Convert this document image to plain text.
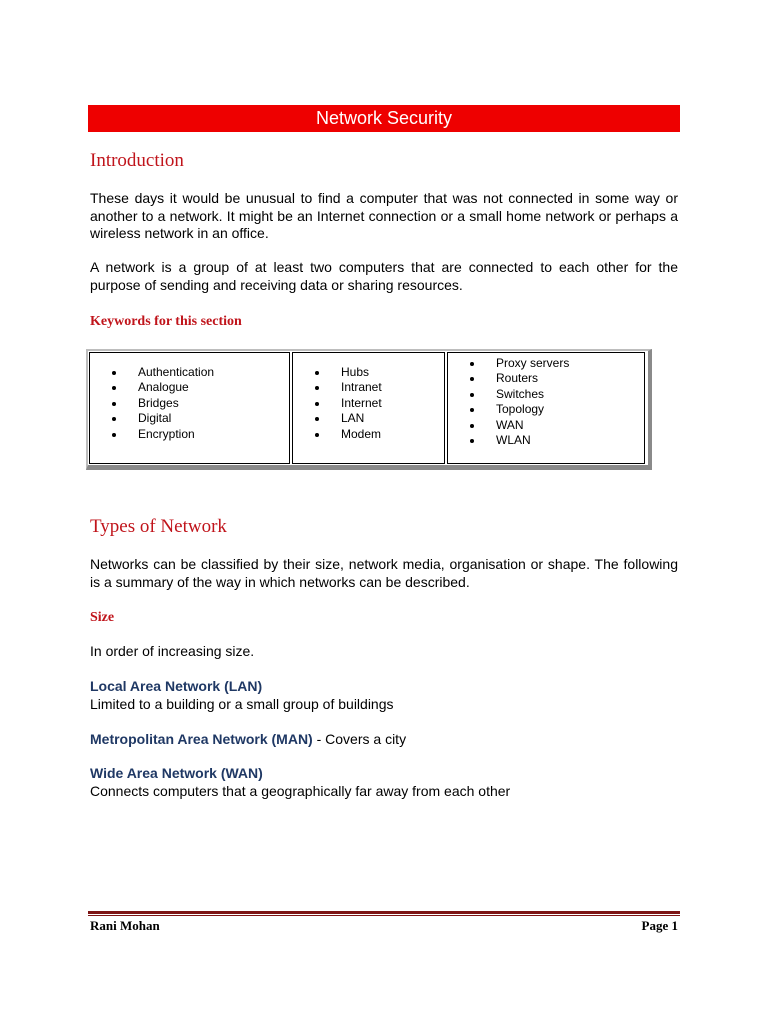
Network Security
Introduction

These days it would be unusual to find a computer that was not connected in some way or another to a network. It might be an Internet connection or a small home network or perhaps a wireless network in an office.

A network is a group of at least two computers that are connected to each other for the purpose of sending and receiving data or sharing resources.

Keywords for this section
Authentication
Analogue
Bridges
Digital
Encryption
Hubs
Intranet
Internet
LAN
Modem
Proxy servers
Routers
Switches
Topology
WAN
WLAN
Types of Network

Networks can be classified by their size, network media, organisation or shape. The following is a summary of the way in which networks can be described.

Size

In order of increasing size.

Local Area Network (LAN)
Limited to a building or a small group of buildings
Metropolitan Area Network (MAN) - Covers a city
Wide Area Network (WAN)
Connects computers that a geographically far away from each other
Rani Mohan	Page 1
